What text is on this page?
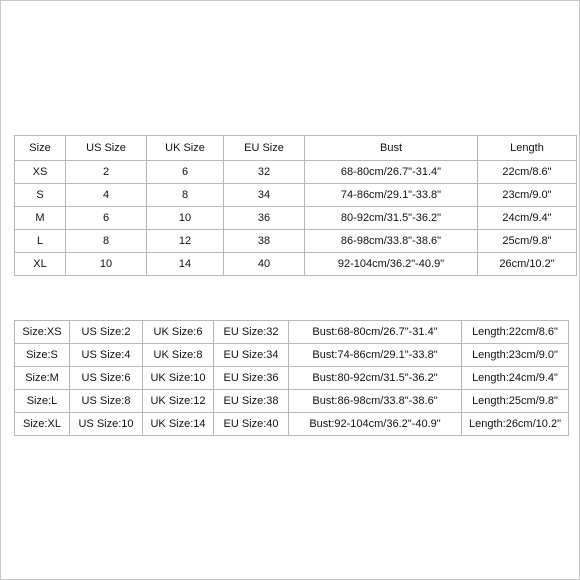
Size	US Size	UK Size	EU Size	Bust	Length
XS	2	6	32	68-80cm/26.7"-31.4"	22cm/8.6"
S	4	8	34	74-86cm/29.1"-33.8"	23cm/9.0"
M	6	10	36	80-92cm/31.5"-36.2"	24cm/9.4"
L	8	12	38	86-98cm/33.8"-38.6"	25cm/9.8"
XL	10	14	40	92-104cm/36.2"-40.9"	26cm/10.2"
Size:XS	US Size:2	UK Size:6	EU Size:32	Bust:68-80cm/26.7"-31.4"	Length:22cm/8.6"
Size:S	US Size:4	UK Size:8	EU Size:34	Bust:74-86cm/29.1"-33.8"	Length:23cm/9.0"
Size:M	US Size:6	UK Size:10	EU Size:36	Bust:80-92cm/31.5"-36.2"	Length:24cm/9.4"
Size:L	US Size:8	UK Size:12	EU Size:38	Bust:86-98cm/33.8"-38.6"	Length:25cm/9.8"
Size:XL	US Size:10	UK Size:14	EU Size:40	Bust:92-104cm/36.2"-40.9"	Length:26cm/10.2"
